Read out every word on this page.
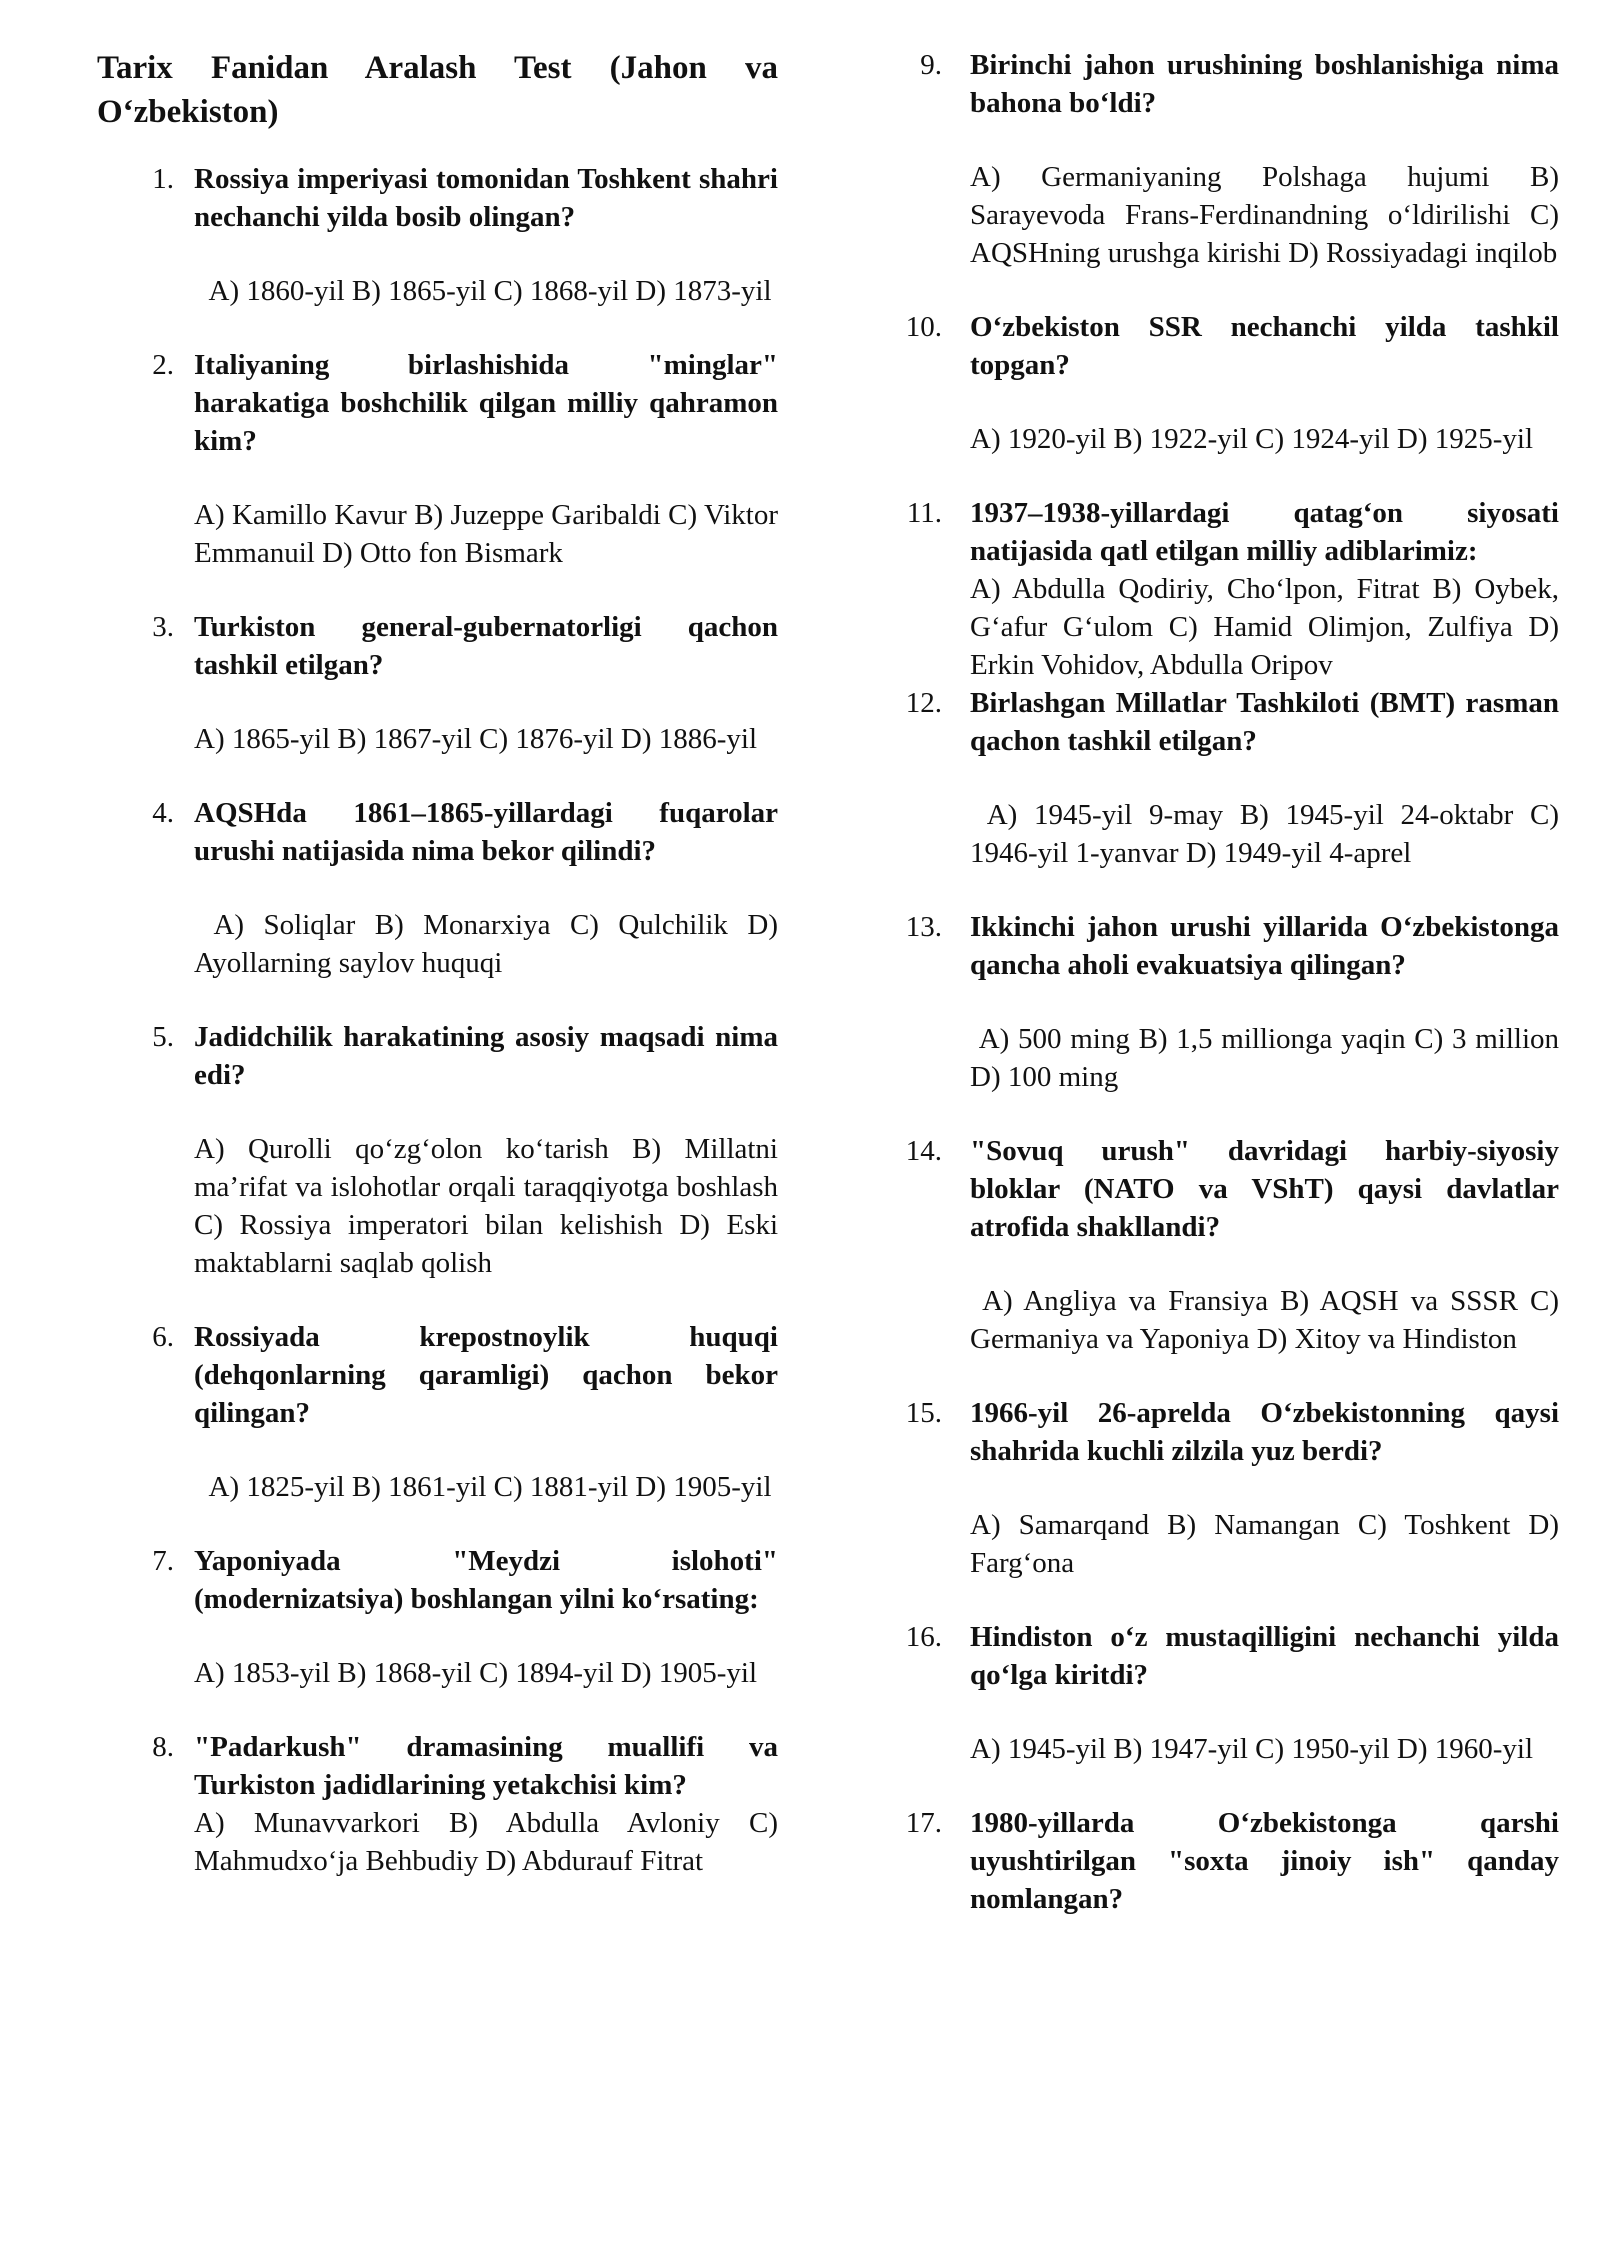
Tarix Fanidan Aralash Test (Jahon va O‘zbekiston)
1. Rossiya imperiyasi tomonidan Toshkent shahri nechanchi yilda bosib olingan?
A) 1860-yil B) 1865-yil C) 1868-yil D) 1873-yil
2. Italiyaning birlashishida "minglar" harakatiga boshchilik qilgan milliy qahramon kim?
A) Kamillo Kavur B) Juzeppe Garibaldi C) Viktor Emmanuil D) Otto fon Bismark
3. Turkiston general-gubernatorligi qachon tashkil etilgan?
A) 1865-yil B) 1867-yil C) 1876-yil D) 1886-yil
4. AQSHda 1861–1865-yillardagi fuqarolar urushi natijasida nima bekor qilindi?
A) Soliqlar B) Monarxiya C) Qulchilik D) Ayollarning saylov huquqi
5. Jadidchilik harakatining asosiy maqsadi nima edi?
A) Qurolli qo‘zg‘olon ko‘tarish B) Millatni ma’rifat va islohotlar orqali taraqqiyotga boshlash C) Rossiya imperatori bilan kelishish D) Eski maktablarni saqlab qolish
6. Rossiyada krepostnoylik huquqi (dehqonlarning qaramligi) qachon bekor qilingan?
A) 1825-yil B) 1861-yil C) 1881-yil D) 1905-yil
7. Yaponiyada "Meydzi islohoti" (modernizatsiya) boshlangan yilni ko‘rsating:
A) 1853-yil B) 1868-yil C) 1894-yil D) 1905-yil
8. "Padarkush" dramasining muallifi va Turkiston jadidlarining yetakchisi kim?
A) Munavvarkori B) Abdulla Avloniy C) Mahmudxo‘ja Behbudiy D) Abdurauf Fitrat
9. Birinchi jahon urushining boshlanishiga nima bahona bo‘ldi?
A) Germaniyaning Polshaga hujumi B) Sarayevoda Frans-Ferdinandning o‘ldirilishi C) AQSHning urushga kirishi D) Rossiyadagi inqilob
10. O‘zbekiston SSR nechanchi yilda tashkil topgan?
A) 1920-yil B) 1922-yil C) 1924-yil D) 1925-yil
11. 1937–1938-yillardagi qatag‘on siyosati natijasida qatl etilgan milliy adiblarimiz:
A) Abdulla Qodiriy, Cho‘lpon, Fitrat B) Oybek, G‘afur G‘ulom C) Hamid Olimjon, Zulfiya D) Erkin Vohidov, Abdulla Oripov
12. Birlashgan Millatlar Tashkiloti (BMT) rasman qachon tashkil etilgan?
A) 1945-yil 9-may B) 1945-yil 24-oktabr C) 1946-yil 1-yanvar D) 1949-yil 4-aprel
13. Ikkinchi jahon urushi yillarida O‘zbekistonga qancha aholi evakuatsiya qilingan?
A) 500 ming B) 1,5 millionga yaqin C) 3 million D) 100 ming
14. "Sovuq urush" davridagi harbiy-siyosiy bloklar (NATO va VShT) qaysi davlatlar atrofida shakllandi?
A) Angliya va Fransiya B) AQSH va SSSR C) Germaniya va Yaponiya D) Xitoy va Hindiston
15. 1966-yil 26-aprelda O‘zbekistonning qaysi shahrida kuchli zilzila yuz berdi?
A) Samarqand B) Namangan C) Toshkent D) Farg‘ona
16. Hindiston o‘z mustaqilligini nechanchi yilda qo‘lga kiritdi?
A) 1945-yil B) 1947-yil C) 1950-yil D) 1960-yil
17. 1980-yillarda O‘zbekistonga qarshi uyushtirilgan "soxta jinoiy ish" qanday nomlangan?
